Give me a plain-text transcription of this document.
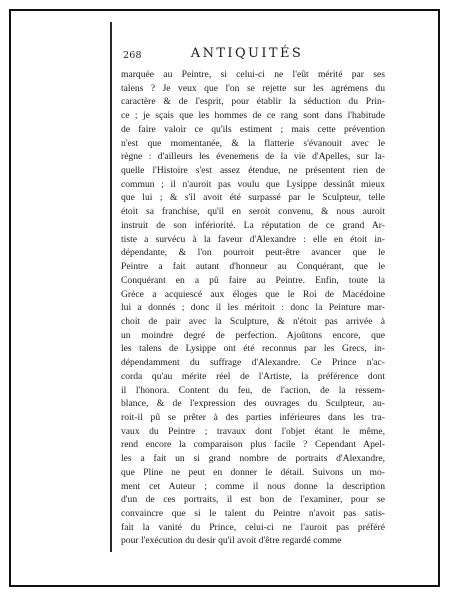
268	ANTIQUITÉS
marquée au Peintre, si celui-ci ne l'eût mérité par ses
talens ? Je veux que l'on se rejette sur les agrémens du
caractère & de l'esprit, pour établir la séduction du Prin-
ce ; je sçais que les hommes de ce rang sont dans l'habitude
de faire valoir ce qu'ils estiment ; mais cette prévention
n'est que momentanée, & la flatterie s'évanouit avec le
règne : d'ailleurs les évenemens de la vie d'Apelles, sur la-
quelle l'Histoire s'est assez étendue, ne présentent rien de
commun ; il n'auroit pas voulu que Lysippe dessinât mieux
que lui ; & s'il avoit été surpassé par le Sculpteur, telle
étoit sa franchise, qu'il en seroit convenu, & nous auroit
instruit de son infériorité. La réputation de ce grand Ar-
tiste a survécu à la faveur d'Alexandre : elle en étoit in-
dépendante, & l'on pourroit peut-être avancer que le
Peintre a fait autant d'honneur au Conquérant, que le
Conquérant en a pû faire au Peintre. Enfin, toute la
Grèce a acquiescé aux éloges que le Roi de Macédoine
lui a donnés ; donc il les méritoit : donc la Peinture mar-
choit de pair avec la Sculpture, & n'étoit pas arrivée à
un moindre degré de perfection. Ajoûtons encore, que
les talens de Lysippe ont été reconnus par les Grecs, in-
dépendamment du suffrage d'Alexandre. Ce Prince n'ac-
corda qu'au mérite réel de l'Artiste, la préférence dont
il l'honora. Content du feu, de l'action, de la ressem-
blance, & de l'expression des ouvrages du Sculpteur, au-
roit-il pû se prêter à des parties inférieures dans les tra-
vaux du Peintre ; travaux dont l'objet étant le même,
rend encore la comparaison plus facile ? Cependant Apel-
les a fait un si grand nombre de portraits d'Alexandre,
que Pline ne peut en donner le détail. Suivons un mo-
ment cet Auteur ; comme il nous donne la description
d'un de ces portraits, il est bon de l'examiner, pour se
convaincre que si le talent du Peintre n'avoit pas satis-
fait la vanité du Prince, celui-ci ne l'auroit pas préféré
pour l'exécution du desir qu'il avoit d'être regardé comme
